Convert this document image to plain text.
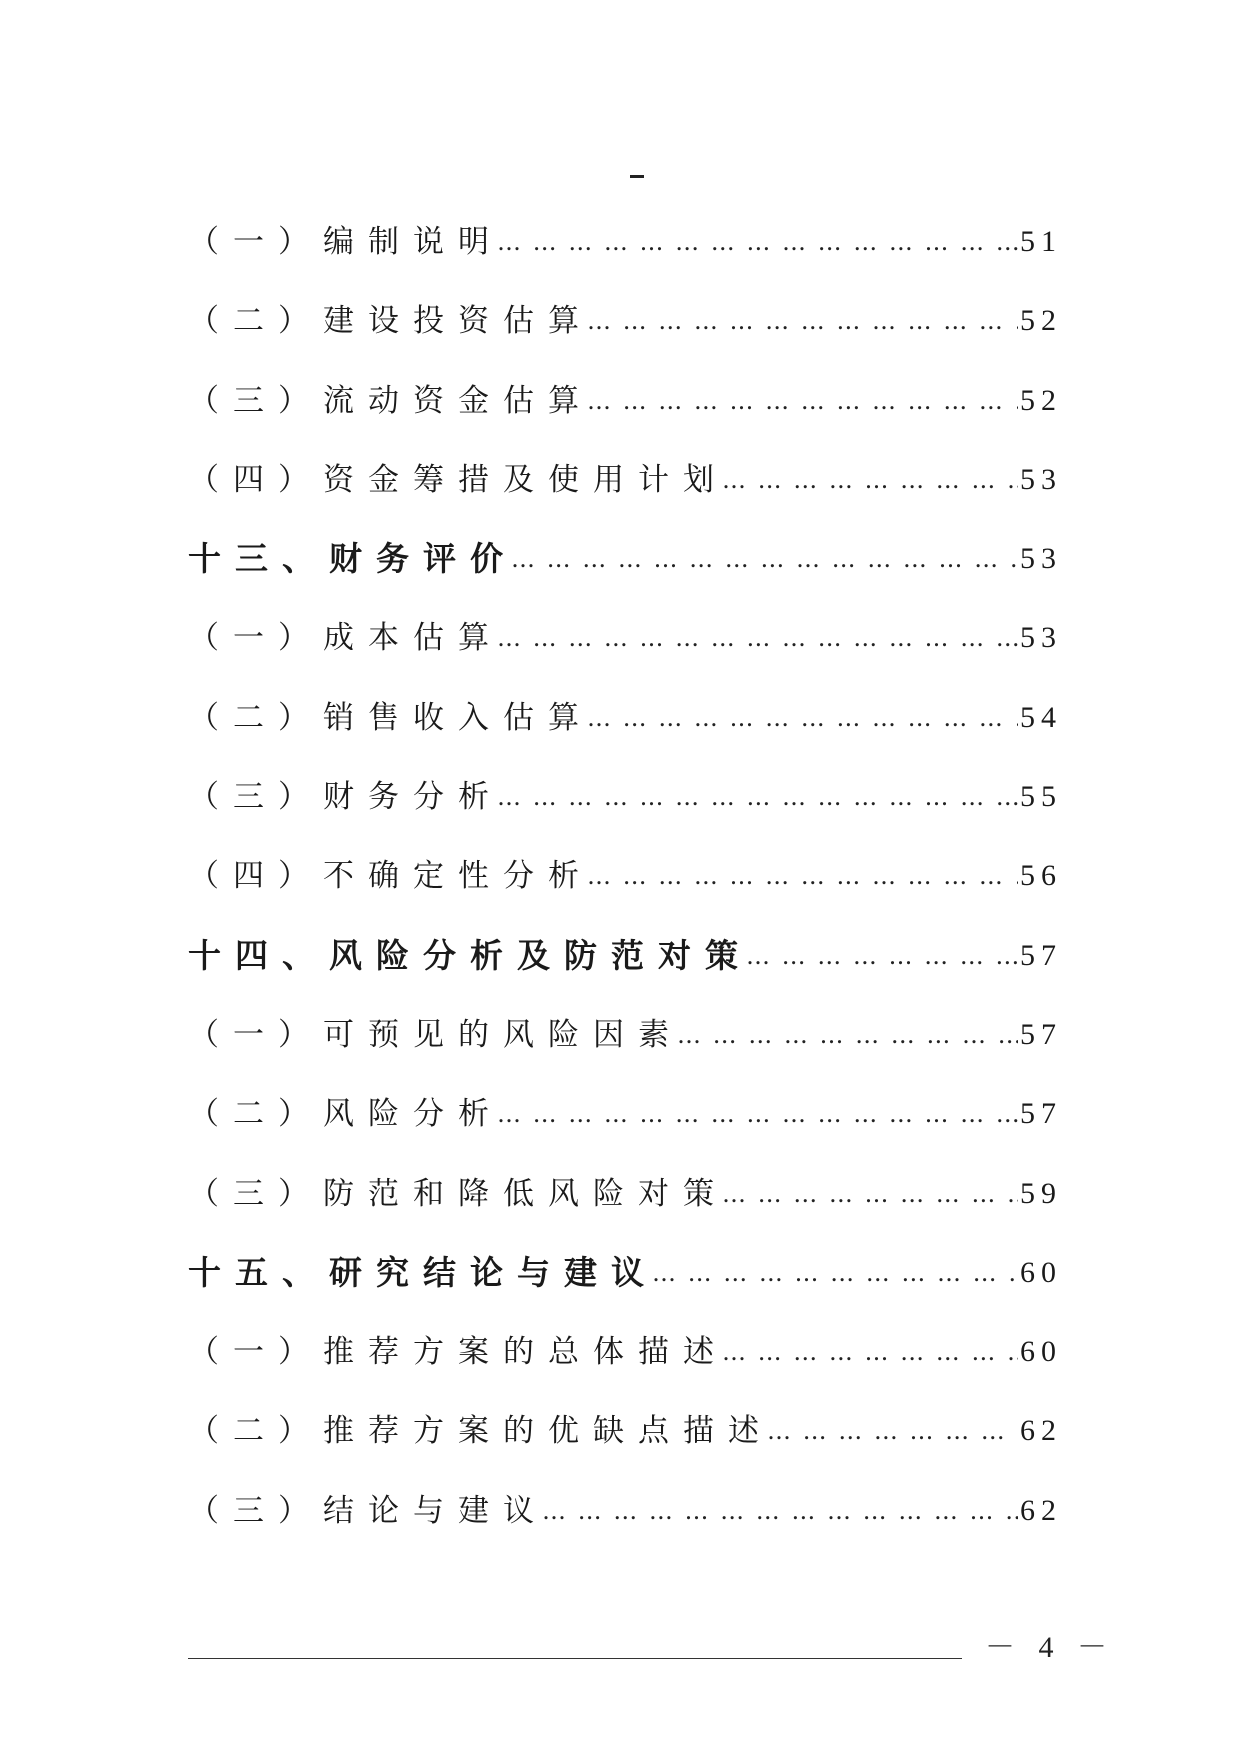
（一）编制说明 … … … … … … … … … … … … … … … … … … … … … … … … … … … … … … … … … … … … … … … …	51
（二）建设投资估算 … … … … … … … … … … … … … … … … … … … … … … … … … … … … … … … … … … … … … … … …	52
（三）流动资金估算 … … … … … … … … … … … … … … … … … … … … … … … … … … … … … … … … … … … … … … … …	52
（四）资金筹措及使用计划 … … … … … … … … … … … … … … … … … … … … … … … … … … … … … … … … … … … … … … … …	53
十三、财务评价 … … … … … … … … … … … … … … … … … … … … … … … … … … … … … … … … … … … … … … … …	53
（一）成本估算 … … … … … … … … … … … … … … … … … … … … … … … … … … … … … … … … … … … … … … … …	53
（二）销售收入估算 … … … … … … … … … … … … … … … … … … … … … … … … … … … … … … … … … … … … … … … …	54
（三）财务分析 … … … … … … … … … … … … … … … … … … … … … … … … … … … … … … … … … … … … … … … …	55
（四）不确定性分析 … … … … … … … … … … … … … … … … … … … … … … … … … … … … … … … … … … … … … … … …	56
十四、风险分析及防范对策 … … … … … … … … … … … … … … … … … … … … … … … … … … … … … … … … … … … … … … … …	57
（一）可预见的风险因素 … … … … … … … … … … … … … … … … … … … … … … … … … … … … … … … … … … … … … … … …	57
（二）风险分析 … … … … … … … … … … … … … … … … … … … … … … … … … … … … … … … … … … … … … … … …	57
（三）防范和降低风险对策 … … … … … … … … … … … … … … … … … … … … … … … … … … … … … … … … … … … … … … … …	59
十五、研究结论与建议 … … … … … … … … … … … … … … … … … … … … … … … … … … … … … … … … … … … … … … … …	60
（一）推荐方案的总体描述 … … … … … … … … … … … … … … … … … … … … … … … … … … … … … … … … … … … … … … … …	60
（二）推荐方案的优缺点描述 … … … … … … … … … … … … … … … … … … … … … … … … … … … … … … … … … … … … … … … …	62
（三）结论与建议 … … … … … … … … … … … … … … … … … … … … … … … … … … … … … … … … … … … … … … … …	62
－ 4 －
